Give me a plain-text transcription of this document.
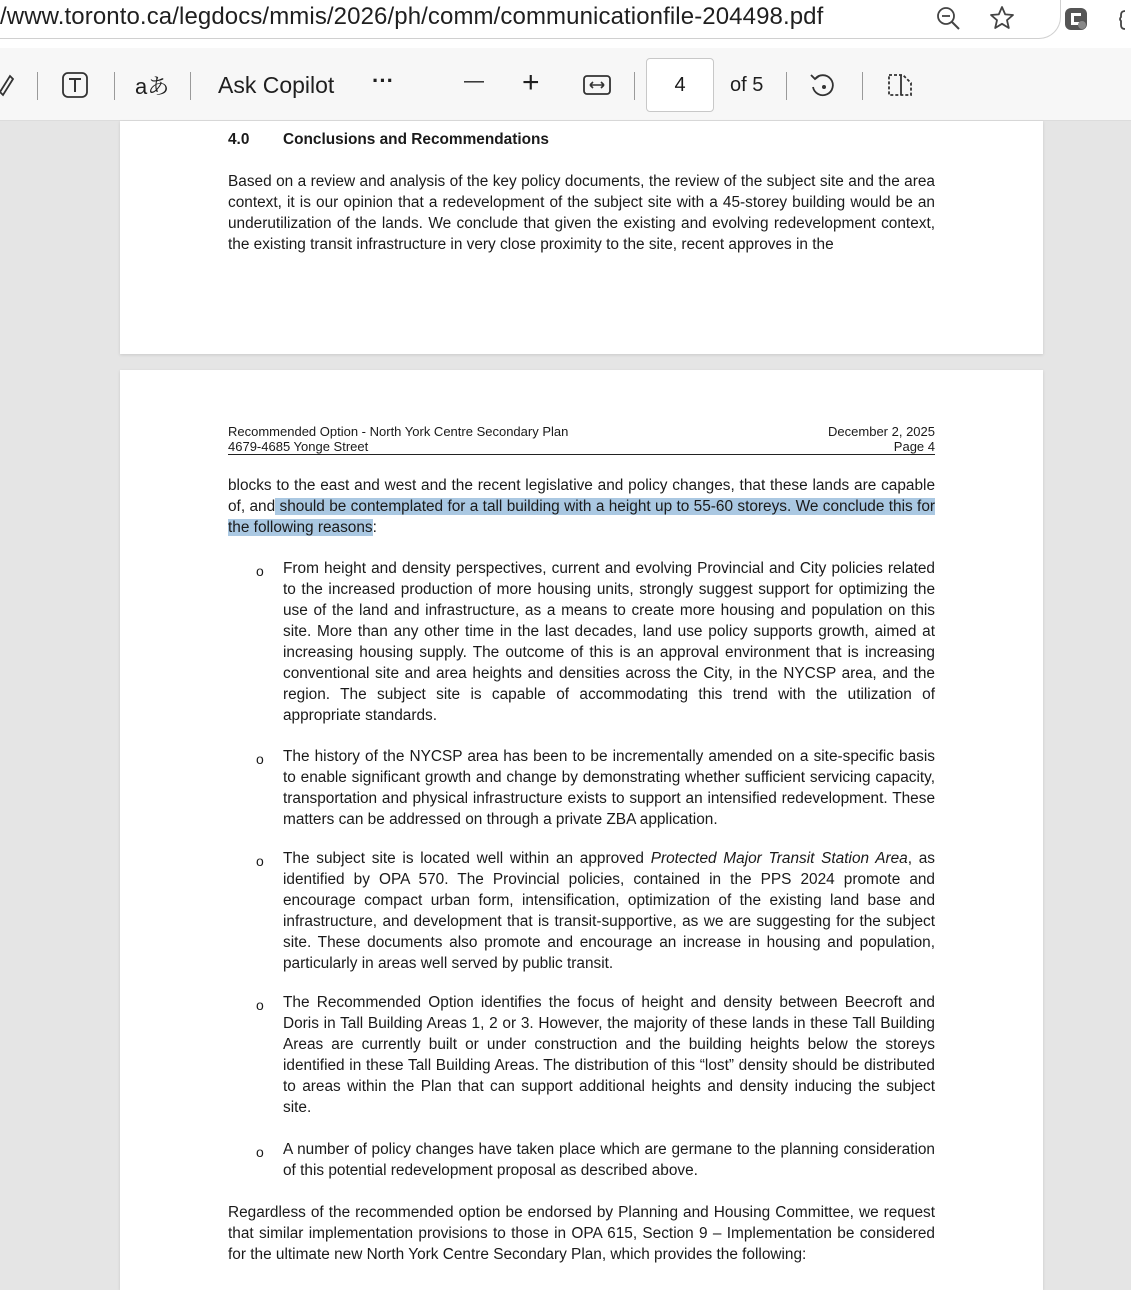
/www.toronto.ca/legdocs/mmis/2026/ph/comm/communicationfile-204498.pdf
aあ Ask Copilot ···	— +	4	of 5
4.0 Conclusions and Recommendations
Based on a review and analysis of the key policy documents, the review of the subject site and the area context, it is our opinion that a redevelopment of the subject site with a 45-storey building would be an underutilization of the lands. We conclude that given the existing and evolving redevelopment context, the existing transit infrastructure in very close proximity to the site, recent approves in the
Recommended Option - North York Centre Secondary Plan
4679-4685 Yonge Street
December 2, 2025
Page 4
blocks to the east and west and the recent legislative and policy changes, that these lands are capable of, and should be contemplated for a tall building with a height up to 55-60 storeys. We conclude this for the following reasons:
o From height and density perspectives, current and evolving Provincial and City policies related to the increased production of more housing units, strongly suggest support for optimizing the use of the land and infrastructure, as a means to create more housing and population on this site. More than any other time in the last decades, land use policy supports growth, aimed at increasing housing supply. The outcome of this is an approval environment that is increasing conventional site and area heights and densities across the City, in the NYCSP area, and the region. The subject site is capable of accommodating this trend with the utilization of appropriate standards.
o The history of the NYCSP area has been to be incrementally amended on a site-specific basis to enable significant growth and change by demonstrating whether sufficient servicing capacity, transportation and physical infrastructure exists to support an intensified redevelopment. These matters can be addressed on through a private ZBA application.
o The subject site is located well within an approved Protected Major Transit Station Area, as identified by OPA 570. The Provincial policies, contained in the PPS 2024 promote and encourage compact urban form, intensification, optimization of the existing land base and infrastructure, and development that is transit-supportive, as we are suggesting for the subject site. These documents also promote and encourage an increase in housing and population, particularly in areas well served by public transit.
o The Recommended Option identifies the focus of height and density between Beecroft and Doris in Tall Building Areas 1, 2 or 3. However, the majority of these lands in these Tall Building Areas are currently built or under construction and the building heights below the storeys identified in these Tall Building Areas. The distribution of this “lost” density should be distributed to areas within the Plan that can support additional heights and density inducing the subject site.
o A number of policy changes have taken place which are germane to the planning consideration of this potential redevelopment proposal as described above.
Regardless of the recommended option be endorsed by Planning and Housing Committee, we request that similar implementation provisions to those in OPA 615, Section 9 – Implementation be considered for the ultimate new North York Centre Secondary Plan, which provides the following:
